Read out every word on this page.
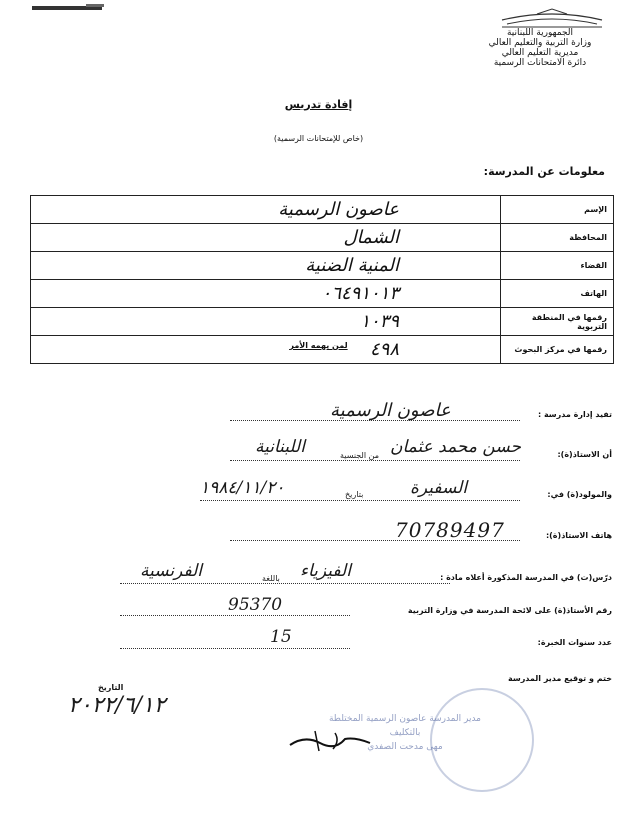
الجمهورية اللبنانية
وزارة التربية والتعليم العالي
مديرية التعليم العالي
دائرة الامتحانات الرسمية
إفادة تدريس
(خاص للإمتحانات الرسمية)
معلومات عن المدرسة:
الإسم	عاصون الرسمية
المحافظة	الشمال
القضاء	المنية الضنية
الهاتف	٠٦٤٩١٠١٣
رقمها في المنطقة التربوية	١٠٣٩
رقمها في مركز البحوث	٤٩٨
لمن يهمه الأمر
تفيد إدارة مدرسة :
عاصون الرسمية
أن الاستاذ(ة):
حسن محمد عثمان
من الجنسية
اللبنانية
والمولود(ة) في:
السفيرة
بتاريخ
١٩٨٤/١١/٢٠
هاتف الاستاذ(ة):
70789497
درّس(ت) في المدرسة المذكورة أعلاه مادة :
الفيزياء
باللغة
الفرنسية
رقم الأستاذ(ة) على لائحة المدرسة في وزارة التربية
95370
عدد سنوات الخبرة:
15
ختم و توقيع مدير المدرسة
التاريخ
٢٠٢٢/٦/١٢
مدير المدرسة عاصون الرسمية المختلطة
بالتكليف
مهى مدحت الصفدي
